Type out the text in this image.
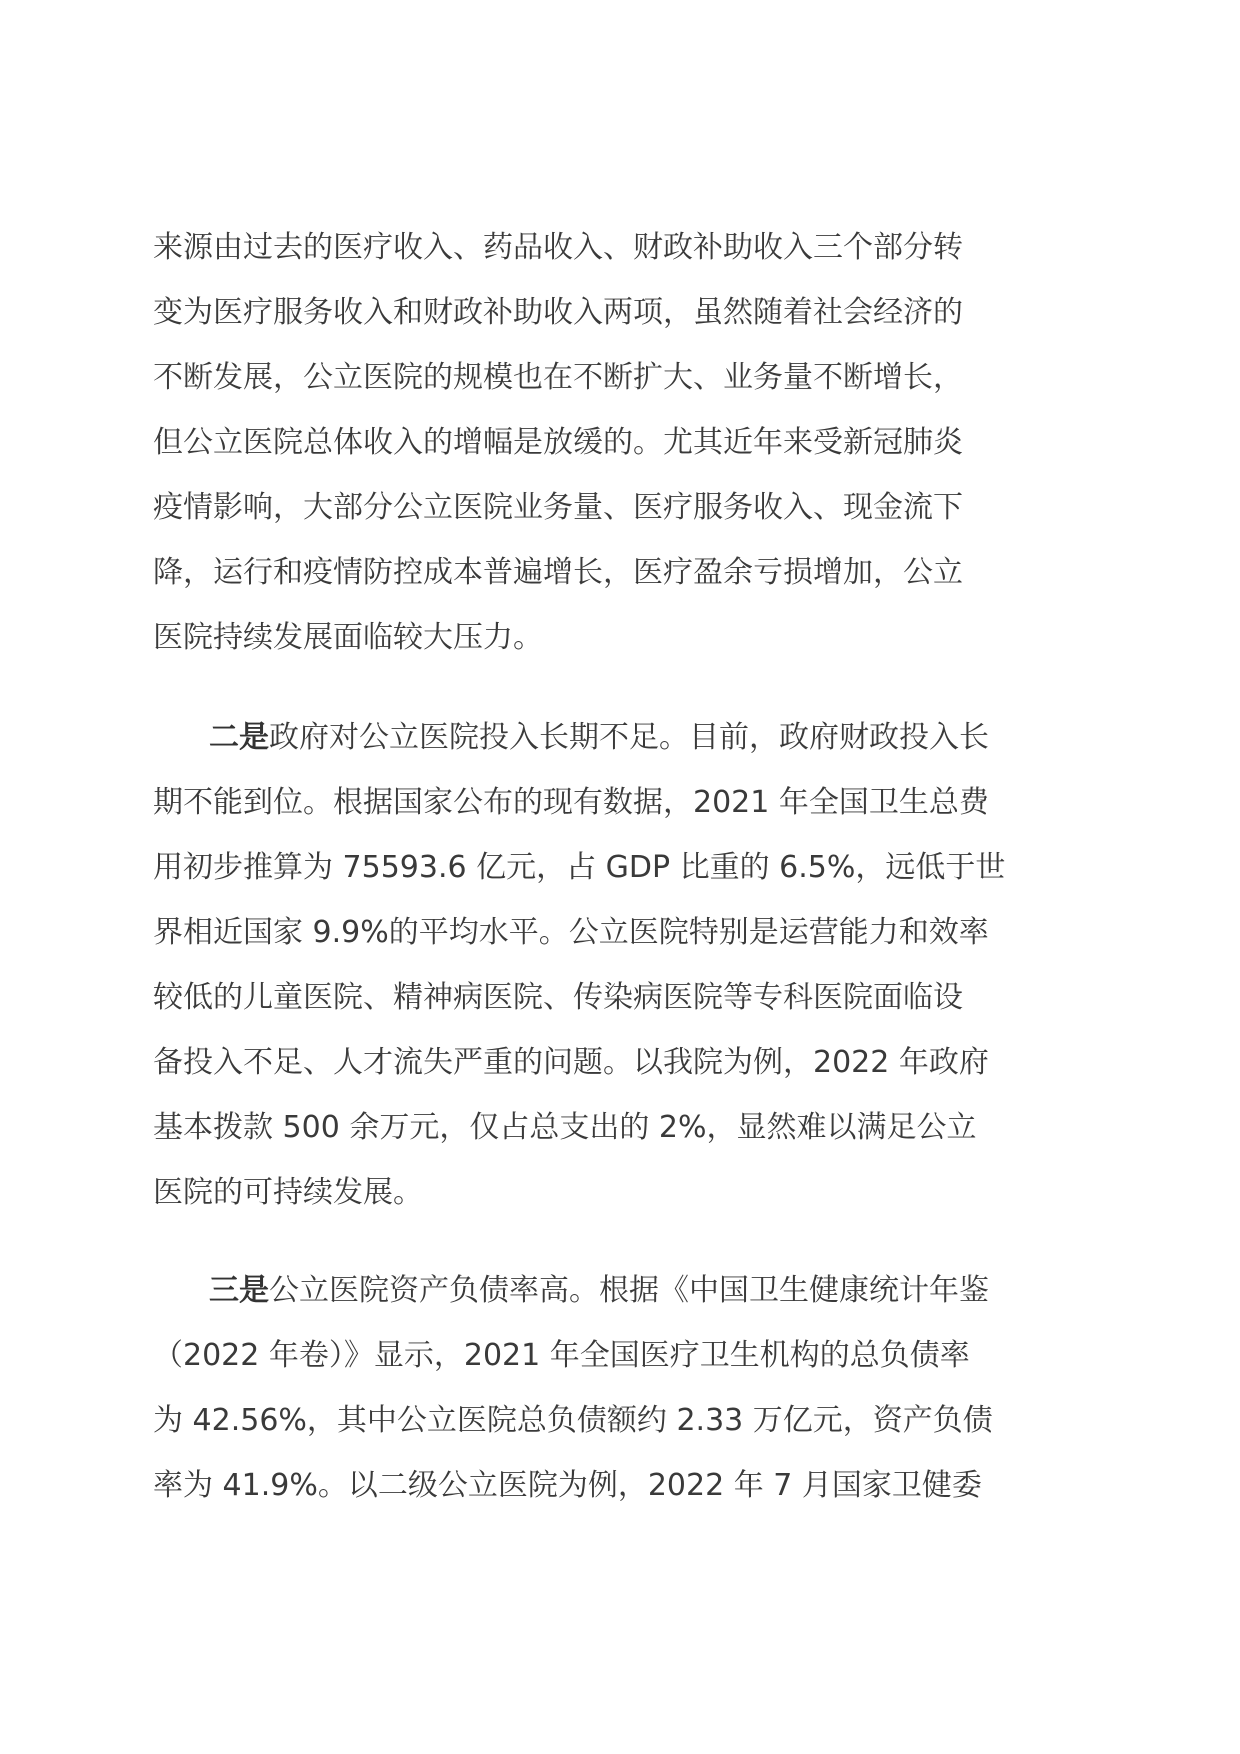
来源由过去的医疗收入、药品收入、财政补助收入三个部分转
变为医疗服务收入和财政补助收入两项，虽然随着社会经济的
不断发展，公立医院的规模也在不断扩大、业务量不断增长，
但公立医院总体收入的增幅是放缓的。尤其近年来受新冠肺炎
疫情影响，大部分公立医院业务量、医疗服务收入、现金流下
降，运行和疫情防控成本普遍增长，医疗盈余亏损增加，公立
医院持续发展面临较大压力。
二是政府对公立医院投入长期不足。目前，政府财政投入长
期不能到位。根据国家公布的现有数据，2021 年全国卫生总费
用初步推算为 75593.6 亿元，占 GDP 比重的 6.5%，远低于世
界相近国家 9.9%的平均水平。公立医院特别是运营能力和效率
较低的儿童医院、精神病医院、传染病医院等专科医院面临设
备投入不足、人才流失严重的问题。以我院为例，2022 年政府
基本拨款 500 余万元，仅占总支出的 2%，显然难以满足公立
医院的可持续发展。
三是公立医院资产负债率高。根据《中国卫生健康统计年鉴
（2022 年卷）》显示，2021 年全国医疗卫生机构的总负债率
为 42.56%，其中公立医院总负债额约 2.33 万亿元，资产负债
率为 41.9%。以二级公立医院为例，2022 年 7 月国家卫健委
